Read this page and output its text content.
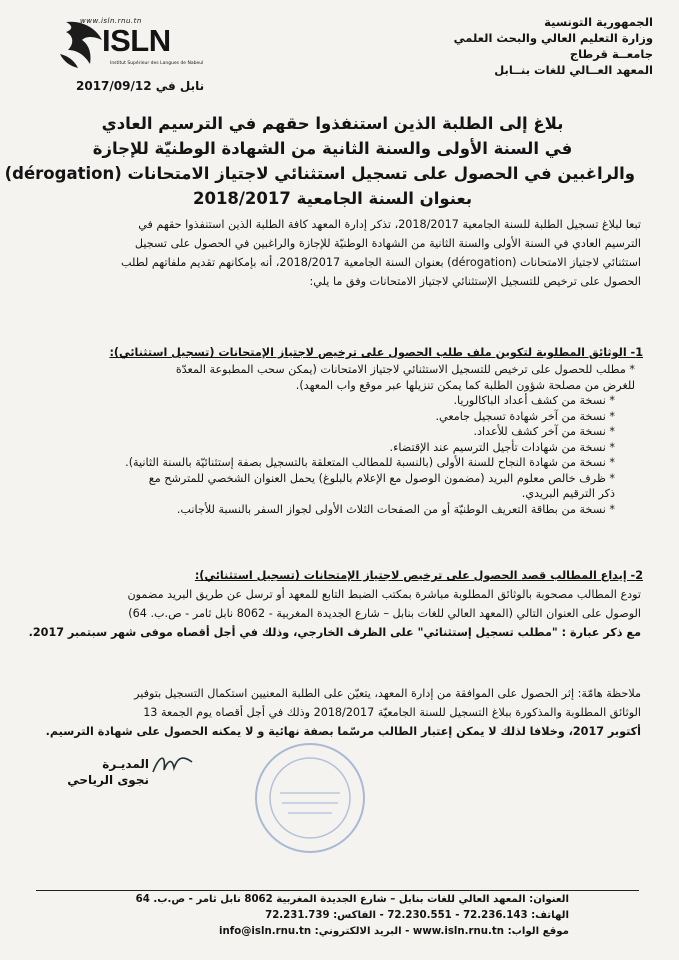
www.isln.rnu.tn
ISLN
Institut Supérieur des Langues de Nabeul
الجمهورية التونسية
وزارة التعليم العالي والبحث العلمي
جامعــة قرطاج
المعهد العــالي للغات بنــابل
نابل في 2017/09/12
بلاغ إلى الطلبة الذين استنفذوا حقهم في الترسيم العادي
في السنة الأولى والسنة الثانية من الشهادة الوطنيّة للإجازة
والراغبين في الحصول على تسجيل استثنائي لاجتياز الامتحانات (dérogation)
بعنوان السنة الجامعية 2018/2017
تبعا لبلاغ تسجيل الطلبة للسنة الجامعية 2018/2017، تذكر إدارة المعهد كافة الطلبة الذين استنفذوا حقهم في
الترسيم العادي في السنة الأولى والسنة الثانية من الشهادة الوطنيّة للإجازة والراغبين في الحصول على تسجيل
استثنائي لاجتياز الامتحانات (dérogation) بعنوان السنة الجامعية 2018/2017، أنه بإمكانهم تقديم ملفاتهم لطلب
الحصول على ترخيص للتسجيل الإستثنائي لاجتياز الامتحانات وفق ما يلي:
1- الوثائق المطلوبة لتكوين ملف طلب الحصول على ترخيص لاجتياز الإمتحانات (تسجيل استثنائي):
* مطلب للحصول على ترخيص للتسجيل الاستثنائي لاجتياز الامتحانات (يمكن سحب المطبوعة المعدّة
للغرض من مصلحة شؤون الطلبة كما يمكن تنزيلها عبر موقع واب المعهد).
* نسخة من كشف أعداد الباكالوريا.
* نسخة من آخر شهادة تسجيل جامعي.
* نسخة من آخر كشف للأعداد.
* نسخة من شهادات تأجيل الترسيم عند الإقتضاء.
* نسخة من شهادة النجاح للسنة الأولى (بالنسبة للمطالب المتعلقة بالتسجيل بصفة إستثنائيّة بالسنة الثانية).
* ظرف خالص معلوم البريد (مضمون الوصول مع الإعلام بالبلوغ) يحمل العنوان الشخصي للمترشح مع
ذكر الترقيم البريدي.
* نسخة من بطاقة التعريف الوطنيّة أو من الصفحات الثلاث الأولى لجواز السفر بالنسبة للأجانب.
2- إيداع المطالب قصد الحصول على ترخيص لاجتياز الإمتحانات (تسجيل استثنائي):
تودع المطالب مصحوبة بالوثائق المطلوبة مباشرة بمكتب الضبط التابع للمعهد أو ترسل عن طريق البريد مضمون
الوصول على العنوان التالي (المعهد العالي للغات بنابل – شارع الجديدة المغربية - 8062 نابل ثامر - ص.ب. 64)
مع ذكر عبارة : "مطلب تسجيل إستثنائي" على الظرف الخارجي، وذلك في أجل أقصاه موفى شهر سبتمبر 2017.
ملاحظة هامّة: إثر الحصول على الموافقة من إدارة المعهد، يتعيّن على الطلبة المعنيين استكمال التسجيل بتوفير
الوثائق المطلوبة والمذكورة ببلاغ التسجيل للسنة الجامعيّة 2018/2017 وذلك في أجل أقصاه يوم الجمعة 13
أكتوبر 2017، وخلافا لذلك لا يمكن إعتبار الطالب مرسّما بصفة نهائية و لا يمكنه الحصول على شهادة الترسيم.
المديـرة
نجوى الرياحي
العنوان: المعهد العالي للغات بنابل – شارع الجديدة المغربية 8062 نابل ثامر - ص.ب. 64
الهاتف: 72.236.143 - 72.230.551 - الفاكس: 72.231.739
موقع الواب: www.isln.rnu.tn - البريد الالكتروني: info@isln.rnu.tn
